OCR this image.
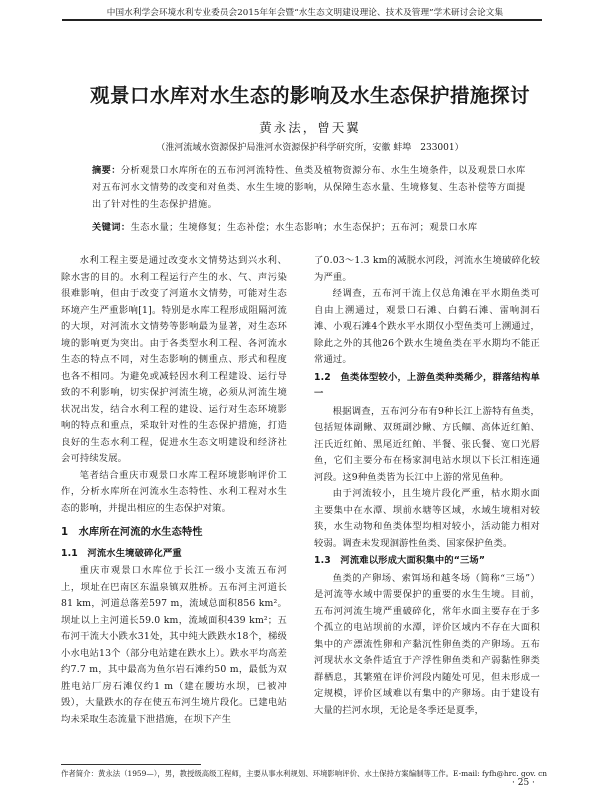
中国水利学会环境水利专业委员会2015年年会暨“水生态文明建设理论、技术及管理”学术研讨会论文集
观景口水库对水生态的影响及水生态保护措施探讨
黄永法，曾天翼
（淮河流域水资源保护局淮河水资源保护科学研究所，安徽 蚌埠　233001）
摘要：分析观景口水库所在的五布河河流特性、鱼类及植物资源分布、水生生境条件，以及观景口水库对五布河水文情势的改变和对鱼类、水生生境的影响，从保障生态水量、生境修复、生态补偿等方面提出了针对性的生态保护措施。
关键词：生态水量；生境修复；生态补偿；水生态影响；水生态保护；五布河；观景口水库

水利工程主要是通过改变水文情势达到兴水利、除水害的目的。水利工程运行产生的水、气、声污染很难影响，但由于改变了河道水文情势，可能对生态环境产生严重影响[1]。特别是水库工程形成阻隔河流的大坝，对河流水文情势等影响最为显著，对生态环境的影响更为突出。由于各类型水利工程、各河流水生态的特点不同，对生态影响的侧重点、形式和程度也各不相同。为避免或减轻因水利工程建设、运行导致的不利影响，切实保护河流生境，必须从河流生境状况出发，结合水利工程的建设、运行对生态环境影响的特点和重点，采取针对性的生态保护措施，打造良好的生态水利工程，促进水生态文明建设和经济社会可持续发展。

笔者结合重庆市观景口水库工程环境影响评价工作，分析水库所在河流水生态特性、水利工程对水生态的影响，并提出相应的生态保护对策。

1　水库所在河流的水生态特性
1.1　河流水生境破碎化严重

重庆市观景口水库位于长江一级小支流五布河上，坝址在巴南区东温泉镇双胜桥。五布河主河道长81 km，河道总落差597 m，流域总面积856 km²。坝址以上主河道长59.0 km，流域面积439 km²；五布河干流大小跌水31处，其中纯大跌跌水18个，梯级小水电站13个（部分电站建在跌水上）。跌水平均高差约7.7 m，其中最高为鱼尔岩石滩约50 m，最低为双胜电站厂房石滩仅约1 m（建在腰坊水坝，已被冲毁），大量跌水的存在使五布河生境片段化。已建电站均未采取生态流量下泄措施，在坝下产生

了0.03～1.3 km的减脱水河段，河流水生境破碎化较为严重。

经调查，五布河干流上仅总角滩在平水期鱼类可自由上溯通过，观景口石滩、白鹤石滩、雷响洞石滩、小观石滩4个跌水平水期仅小型鱼类可上溯通过，除此之外的其他26个跌水生境鱼类在平水期均不能正常通过。

1.2　鱼类体型较小，上游鱼类种类稀少，群落结构单一

根据调查，五布河分布有9种长江上游特有鱼类，包括短体副鳅、双斑副沙鳅、方氏鲴、高体近红鲌、汪氏近红鲌、黑尾近红鲌、半餐、张氏餐、宽口光唇鱼，它们主要分布在杨家洞电站水坝以下长江相连通河段。这9种鱼类皆为长江中上游的常见鱼种。

由于河流较小，且生境片段化严重，枯水期水面主要集中在水潭、坝前水塘等区域，水域生境相对较狭，水生动物和鱼类体型均相对较小，活动能力相对较弱。调查未发现洄游性鱼类、国家保护鱼类。

1.3　河流难以形成大面积集中的“三场”

鱼类的产卵场、索饵场和越冬场（简称“三场”）是河流等水域中需要保护的重要的水生生境。目前，五布河河流生境严重破碎化，常年水面主要存在于多个孤立的电站坝前的水潭，评价区域内不存在大面积集中的产漂流性卵和产黏沉性卵鱼类的产卵场。五布河现状水文条件适宜于产浮性卵鱼类和产弱黏性卵类群栖息，其繁殖在评价河段内随处可见，但未形成一定规模，评价区域难以有集中的产卵场。由于建设有大量的拦河水坝，无论是冬季还是夏季，

作者简介：黄永法（1959—），男，教授级高级工程师，主要从事水利规划、环境影响评价、水土保持方案编制等工作。E-mail: fyfh@hrc. gov. cn
· 25 ·
